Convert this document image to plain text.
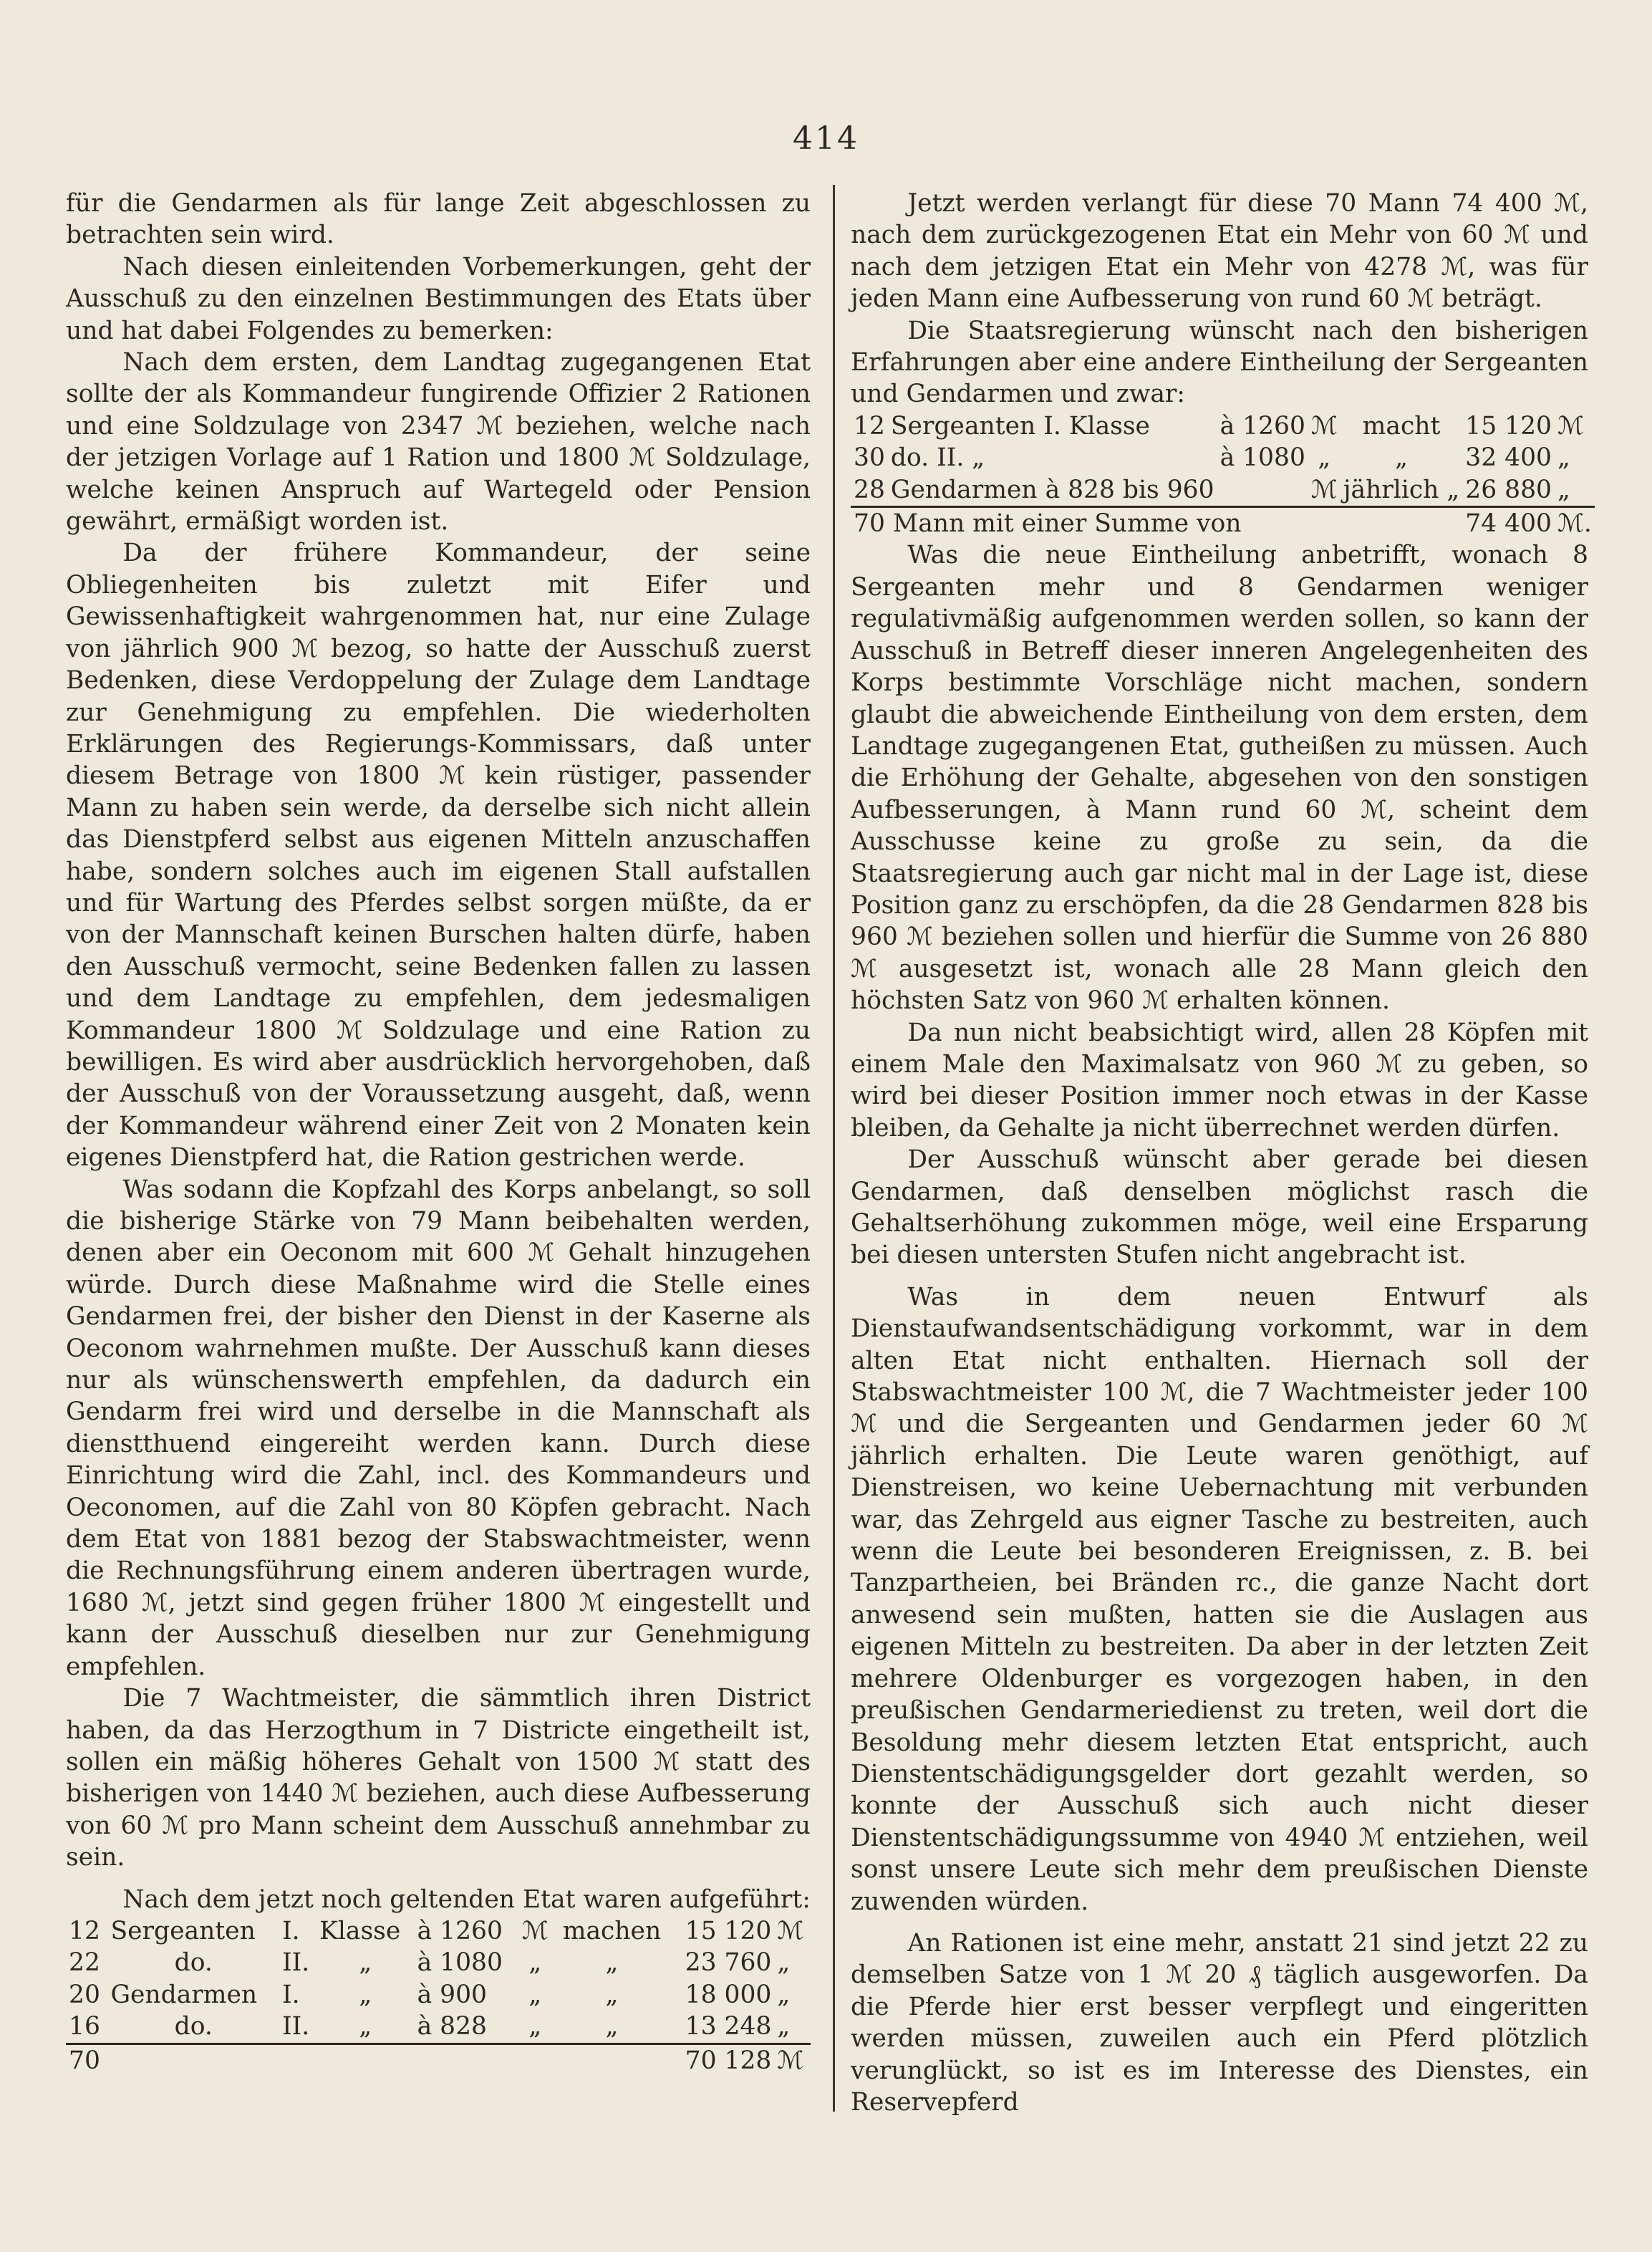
414

für die Gendarmen als für lange Zeit abgeschlossen zu betrachten sein wird.

Nach diesen einleitenden Vorbemerkungen, geht der Ausschuß zu den einzelnen Bestimmungen des Etats über und hat dabei Folgendes zu bemerken:

Nach dem ersten, dem Landtag zugegangenen Etat sollte der als Kommandeur fungirende Offizier 2 Rationen und eine Soldzulage von 2347 ℳ beziehen, welche nach der jetzigen Vorlage auf 1 Ration und 1800 ℳ Soldzulage, welche keinen Anspruch auf Wartegeld oder Pension gewährt, ermäßigt worden ist.

Da der frühere Kommandeur, der seine Obliegenheiten bis zuletzt mit Eifer und Gewissenhaftigkeit wahrgenommen hat, nur eine Zulage von jährlich 900 ℳ bezog, so hatte der Ausschuß zuerst Bedenken, diese Verdoppelung der Zulage dem Landtage zur Genehmigung zu empfehlen. Die wiederholten Erklärungen des Regierungs-Kommissars, daß unter diesem Betrage von 1800 ℳ kein rüstiger, passender Mann zu haben sein werde, da derselbe sich nicht allein das Dienstpferd selbst aus eigenen Mitteln anzuschaffen habe, sondern solches auch im eigenen Stall aufstallen und für Wartung des Pferdes selbst sorgen müßte, da er von der Mannschaft keinen Burschen halten dürfe, haben den Ausschuß vermocht, seine Bedenken fallen zu lassen und dem Landtage zu empfehlen, dem jedesmaligen Kommandeur 1800 ℳ Soldzulage und eine Ration zu bewilligen. Es wird aber ausdrücklich hervorgehoben, daß der Ausschuß von der Voraussetzung ausgeht, daß, wenn der Kommandeur während einer Zeit von 2 Monaten kein eigenes Dienstpferd hat, die Ration gestrichen werde.

Was sodann die Kopfzahl des Korps anbelangt, so soll die bisherige Stärke von 79 Mann beibehalten werden, denen aber ein Oeconom mit 600 ℳ Gehalt hinzugehen würde. Durch diese Maßnahme wird die Stelle eines Gendarmen frei, der bisher den Dienst in der Kaserne als Oeconom wahrnehmen mußte. Der Ausschuß kann dieses nur als wünschenswerth empfehlen, da dadurch ein Gendarm frei wird und derselbe in die Mannschaft als dienstthuend eingereiht werden kann. Durch diese Einrichtung wird die Zahl, incl. des Kommandeurs und Oeconomen, auf die Zahl von 80 Köpfen gebracht. Nach dem Etat von 1881 bezog der Stabswachtmeister, wenn die Rechnungsführung einem anderen übertragen wurde, 1680 ℳ, jetzt sind gegen früher 1800 ℳ eingestellt und kann der Ausschuß dieselben nur zur Genehmigung empfehlen.

Die 7 Wachtmeister, die sämmtlich ihren District haben, da das Herzogthum in 7 Districte eingetheilt ist, sollen ein mäßig höheres Gehalt von 1500 ℳ statt des bisherigen von 1440 ℳ beziehen, auch diese Aufbesserung von 60 ℳ pro Mann scheint dem Ausschuß annehmbar zu sein.

Nach dem jetzt noch geltenden Etat waren aufgeführt:

12	Sergeanten	I.	Klasse	à 1260	ℳ	machen	15 120	ℳ
22	do.	II.	„	à 1080	„	„	23 760	„
20	Gendarmen	I.	„	à 900	„	„	18 000	„
16	do.	II.	„	à 828	„	„	13 248	„
70							70 128	ℳ

Jetzt werden verlangt für diese 70 Mann 74 400 ℳ, nach dem zurückgezogenen Etat ein Mehr von 60 ℳ und nach dem jetzigen Etat ein Mehr von 4278 ℳ, was für jeden Mann eine Aufbesserung von rund 60 ℳ beträgt.

Die Staatsregierung wünscht nach den bisherigen Erfahrungen aber eine andere Eintheilung der Sergeanten und Gendarmen und zwar:

12	Sergeanten I. Klasse	à 1260	ℳ	macht	15 120	ℳ
30	do. II. „	à 1080	„	„	32 400	„
28	Gendarmen à 828 bis 960		ℳ	jährlich „	26 880	„
70 Mann mit einer Summe von					74 400	ℳ.

Was die neue Eintheilung anbetrifft, wonach 8 Sergeanten mehr und 8 Gendarmen weniger regulativmäßig aufgenommen werden sollen, so kann der Ausschuß in Betreff dieser inneren Angelegenheiten des Korps bestimmte Vorschläge nicht machen, sondern glaubt die abweichende Eintheilung von dem ersten, dem Landtage zugegangenen Etat, gutheißen zu müssen. Auch die Erhöhung der Gehalte, abgesehen von den sonstigen Aufbesserungen, à Mann rund 60 ℳ, scheint dem Ausschusse keine zu große zu sein, da die Staatsregierung auch gar nicht mal in der Lage ist, diese Position ganz zu erschöpfen, da die 28 Gendarmen 828 bis 960 ℳ beziehen sollen und hierfür die Summe von 26 880 ℳ ausgesetzt ist, wonach alle 28 Mann gleich den höchsten Satz von 960 ℳ erhalten können.

Da nun nicht beabsichtigt wird, allen 28 Köpfen mit einem Male den Maximalsatz von 960 ℳ zu geben, so wird bei dieser Position immer noch etwas in der Kasse bleiben, da Gehalte ja nicht überrechnet werden dürfen.

Der Ausschuß wünscht aber gerade bei diesen Gendarmen, daß denselben möglichst rasch die Gehaltserhöhung zukommen möge, weil eine Ersparung bei diesen untersten Stufen nicht angebracht ist.

Was in dem neuen Entwurf als Dienstaufwandsentschädigung vorkommt, war in dem alten Etat nicht enthalten. Hiernach soll der Stabswachtmeister 100 ℳ, die 7 Wachtmeister jeder 100 ℳ und die Sergeanten und Gendarmen jeder 60 ℳ jährlich erhalten. Die Leute waren genöthigt, auf Dienstreisen, wo keine Uebernachtung mit verbunden war, das Zehrgeld aus eigner Tasche zu bestreiten, auch wenn die Leute bei besonderen Ereignissen, z. B. bei Tanzpartheien, bei Bränden rc., die ganze Nacht dort anwesend sein mußten, hatten sie die Auslagen aus eigenen Mitteln zu bestreiten. Da aber in der letzten Zeit mehrere Oldenburger es vorgezogen haben, in den preußischen Gendarmeriedienst zu treten, weil dort die Besoldung mehr diesem letzten Etat entspricht, auch Dienstentschädigungsgelder dort gezahlt werden, so konnte der Ausschuß sich auch nicht dieser Dienstentschädigungssumme von 4940 ℳ entziehen, weil sonst unsere Leute sich mehr dem preußischen Dienste zuwenden würden.

An Rationen ist eine mehr, anstatt 21 sind jetzt 22 zu demselben Satze von 1 ℳ 20 ₰ täglich ausgeworfen. Da die Pferde hier erst besser verpflegt und eingeritten werden müssen, zuweilen auch ein Pferd plötzlich verunglückt, so ist es im Interesse des Dienstes, ein Reservepferd
